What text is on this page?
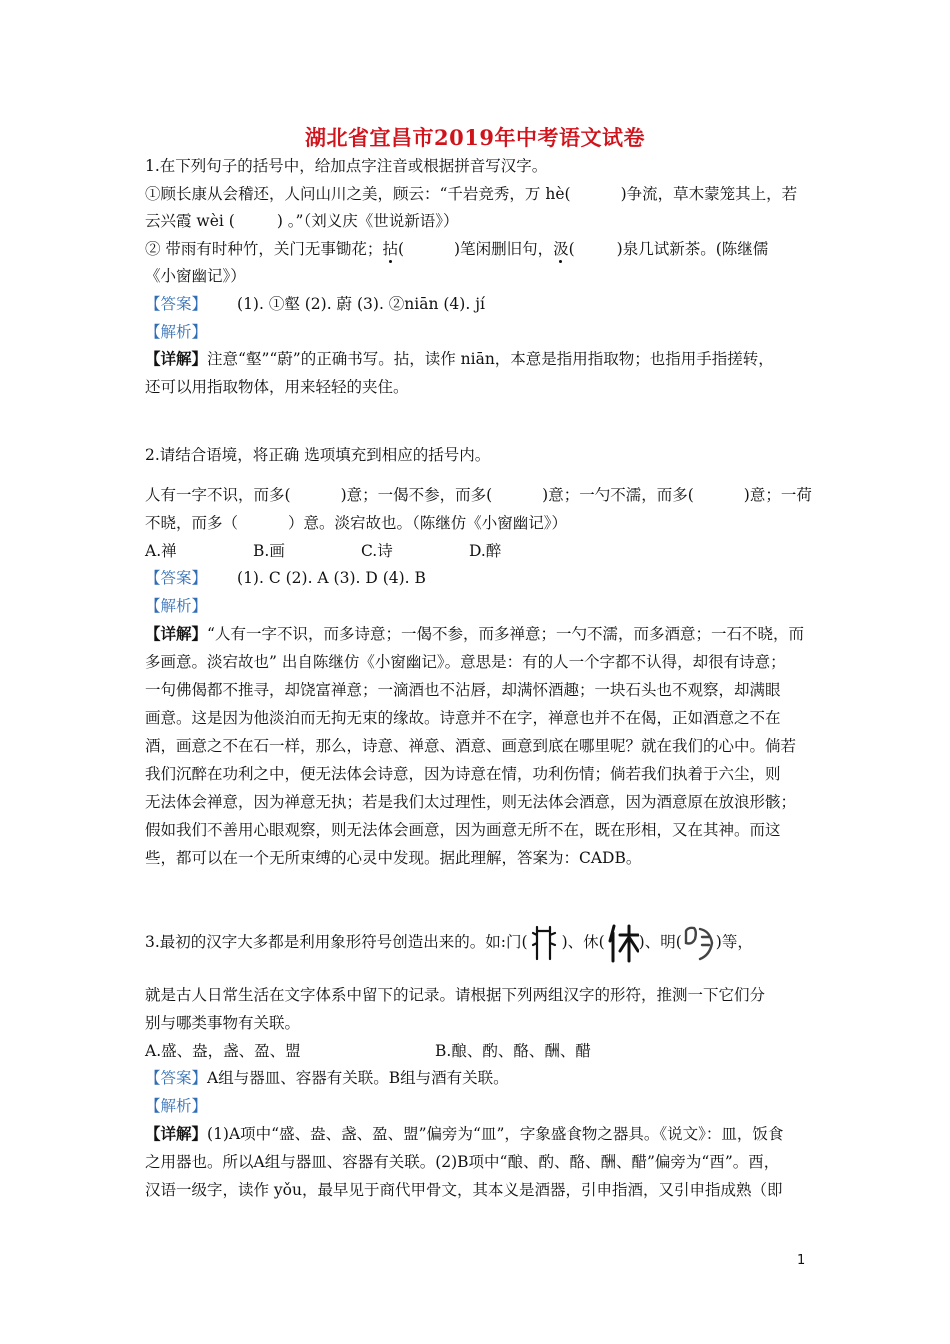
湖北省宜昌市2019年中考语文试卷
1.在下列句子的括号中，给加点字注音或根据拼音写汉字。
①顾长康从会稽还，人问山川之美，顾云：“千岩竞秀，万 hè(	)争流，草木蒙笼其上，若
云兴霞 wèi (	) 。”（刘义庆《世说新语》）
② 带雨有时种竹，关门无事锄花；拈(	)笔闲删旧句，汲(	)泉几试新茶。(陈继儒
《小窗幽记》）
【答案】 (1). ①壑 (2). 蔚 (3). ②niān (4). jí
【解析】
【详解】注意“壑”“蔚”的正确书写。拈，读作 niān，本意是指用指取物；也指用手指搓转，
还可以用指取物体，用来轻轻的夹住。
2.请结合语境，将正确 选项填充到相应的括号内。
人有一字不识，而多(	)意；一偈不参，而多(	)意；一勺不濡，而多(	)意；一荷
不晓，而多（	）意。淡宕故也。（陈继仿《小窗幽记》）
A.禅	B.画	C.诗	D.醉
【答案】 (1). C (2). A (3). D (4). B
【解析】
【详解】“人有一字不识，而多诗意；一偈不参，而多禅意；一勺不濡，而多酒意；一石不晓，而
多画意。淡宕故也” 出自陈继仿《小窗幽记》。意思是：有的人一个字都不认得，却很有诗意；
一句佛偈都不推寻，却饶富禅意；一滴酒也不沾唇，却满怀酒趣；一块石头也不观察，却满眼
画意。这是因为他淡泊而无拘无束的缘故。诗意并不在字，禅意也并不在偈，正如酒意之不在
酒，画意之不在石一样，那么，诗意、禅意、酒意、画意到底在哪里呢？就在我们的心中。倘若
我们沉醉在功利之中，便无法体会诗意，因为诗意在情，功利伤情；倘若我们执着于六尘，则
无法体会禅意，因为禅意无执；若是我们太过理性，则无法体会酒意，因为酒意原在放浪形骸；
假如我们不善用心眼观察，则无法体会画意，因为画意无所不在，既在形相，又在其神。而这
些，都可以在一个无所束缚的心灵中发现。据此理解，答案为：CADB。
3.最初的汉字大多都是利用象形符号创造出来的。如:门( )、休( )、明( )等，
就是古人日常生活在文字体系中留下的记录。请根据下列两组汉字的形符，推测一下它们分
别与哪类事物有关联。
A.盛、盎，盏、盈、盟	B.酿、酌、酪、酬、醋
【答案】A组与器皿、容器有关联。B组与酒有关联。
【解析】
【详解】(1)A项中“盛、盎、盏、盈、盟”偏旁为“皿”，字象盛食物之器具。《说文》：皿，饭食
之用器也。所以A组与器皿、容器有关联。(2)B项中“酿、酌、酪、酬、醋”偏旁为“酉”。酉，
汉语一级字，读作 yǒu，最早见于商代甲骨文，其本义是酒器，引申指酒，又引申指成熟（即
1
